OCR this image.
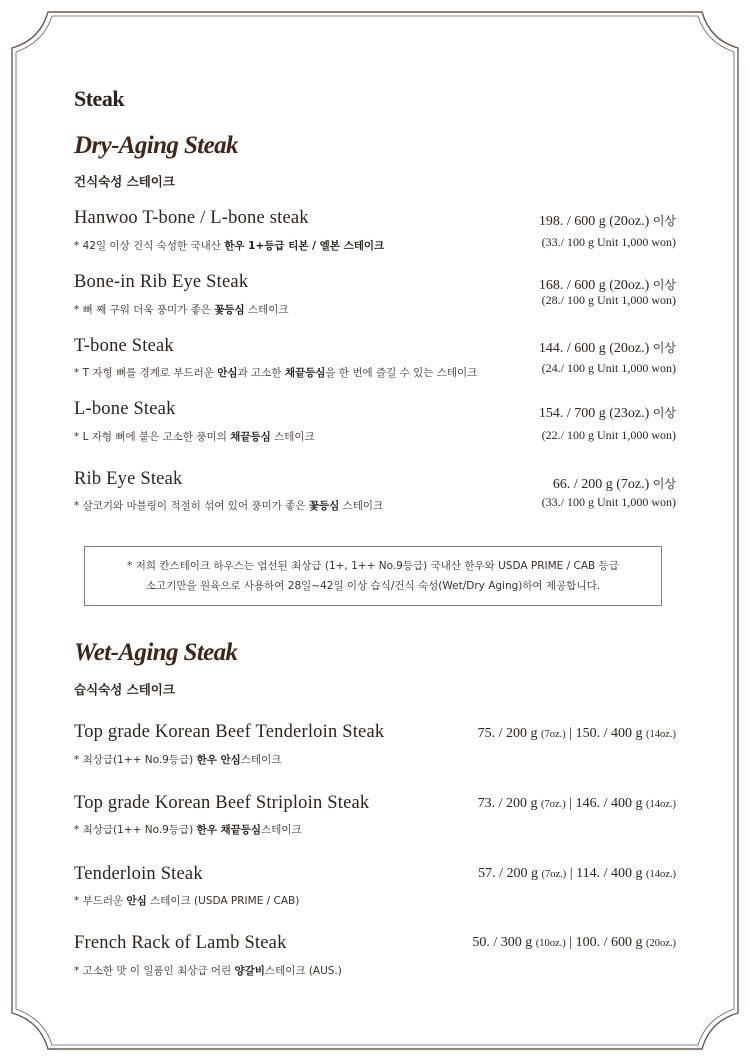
Steak
Dry-Aging Steak
건식숙성 스테이크
Hanwoo T-bone / L-bone steak
* 42일 이상 건식 숙성한 국내산 한우 1+등급 티본 / 엘본 스테이크
198. / 600 g (20oz.) 이상
(33./ 100 g Unit 1,000 won)
Bone-in Rib Eye Steak
* 뼈 째 구워 더욱 풍미가 좋은 꽃등심 스테이크
168. / 600 g (20oz.) 이상
(28./ 100 g Unit 1,000 won)
T-bone Steak
* T 자형 뼈를 경계로 부드러운 안심과 고소한 채끝등심을 한 번에 즐길 수 있는 스테이크
144. / 600 g (20oz.) 이상
(24./ 100 g Unit 1,000 won)
L-bone Steak
* L 자형 뼈에 붙은 고소한 풍미의 채끝등심 스테이크
154. / 700 g (23oz.) 이상
(22./ 100 g Unit 1,000 won)
Rib Eye Steak
* 살코기와 마블링이 적절히 섞여 있어 풍미가 좋은 꽃등심 스테이크
66. / 200 g (7oz.) 이상
(33./ 100 g Unit 1,000 won)
* 저희 칸스테이크 하우스는 엄선된 최상급 (1+, 1++ No.9등급) 국내산 한우와 USDA PRIME / CAB 등급
소고기만을 원육으로 사용하여 28일~42일 이상 습식/건식 숙성(Wet/Dry Aging)하여 제공합니다.
Wet-Aging Steak
습식숙성 스테이크
Top grade Korean Beef Tenderloin Steak
* 최상급(1++ No.9등급) 한우 안심스테이크
75. / 200 g (7oz.) | 150. / 400 g (14oz.)
Top grade Korean Beef Striploin Steak
* 최상급(1++ No.9등급) 한우 채끝등심스테이크
73. / 200 g (7oz.) | 146. / 400 g (14oz.)
Tenderloin Steak
* 부드러운 안심 스테이크 (USDA PRIME / CAB)
57. / 200 g (7oz.) | 114. / 400 g (14oz.)
French Rack of Lamb Steak
* 고소한 맛 이 일품인 최상급 어린 양갈비스테이크 (AUS.)
50. / 300 g (10oz.) | 100. / 600 g (20oz.)
